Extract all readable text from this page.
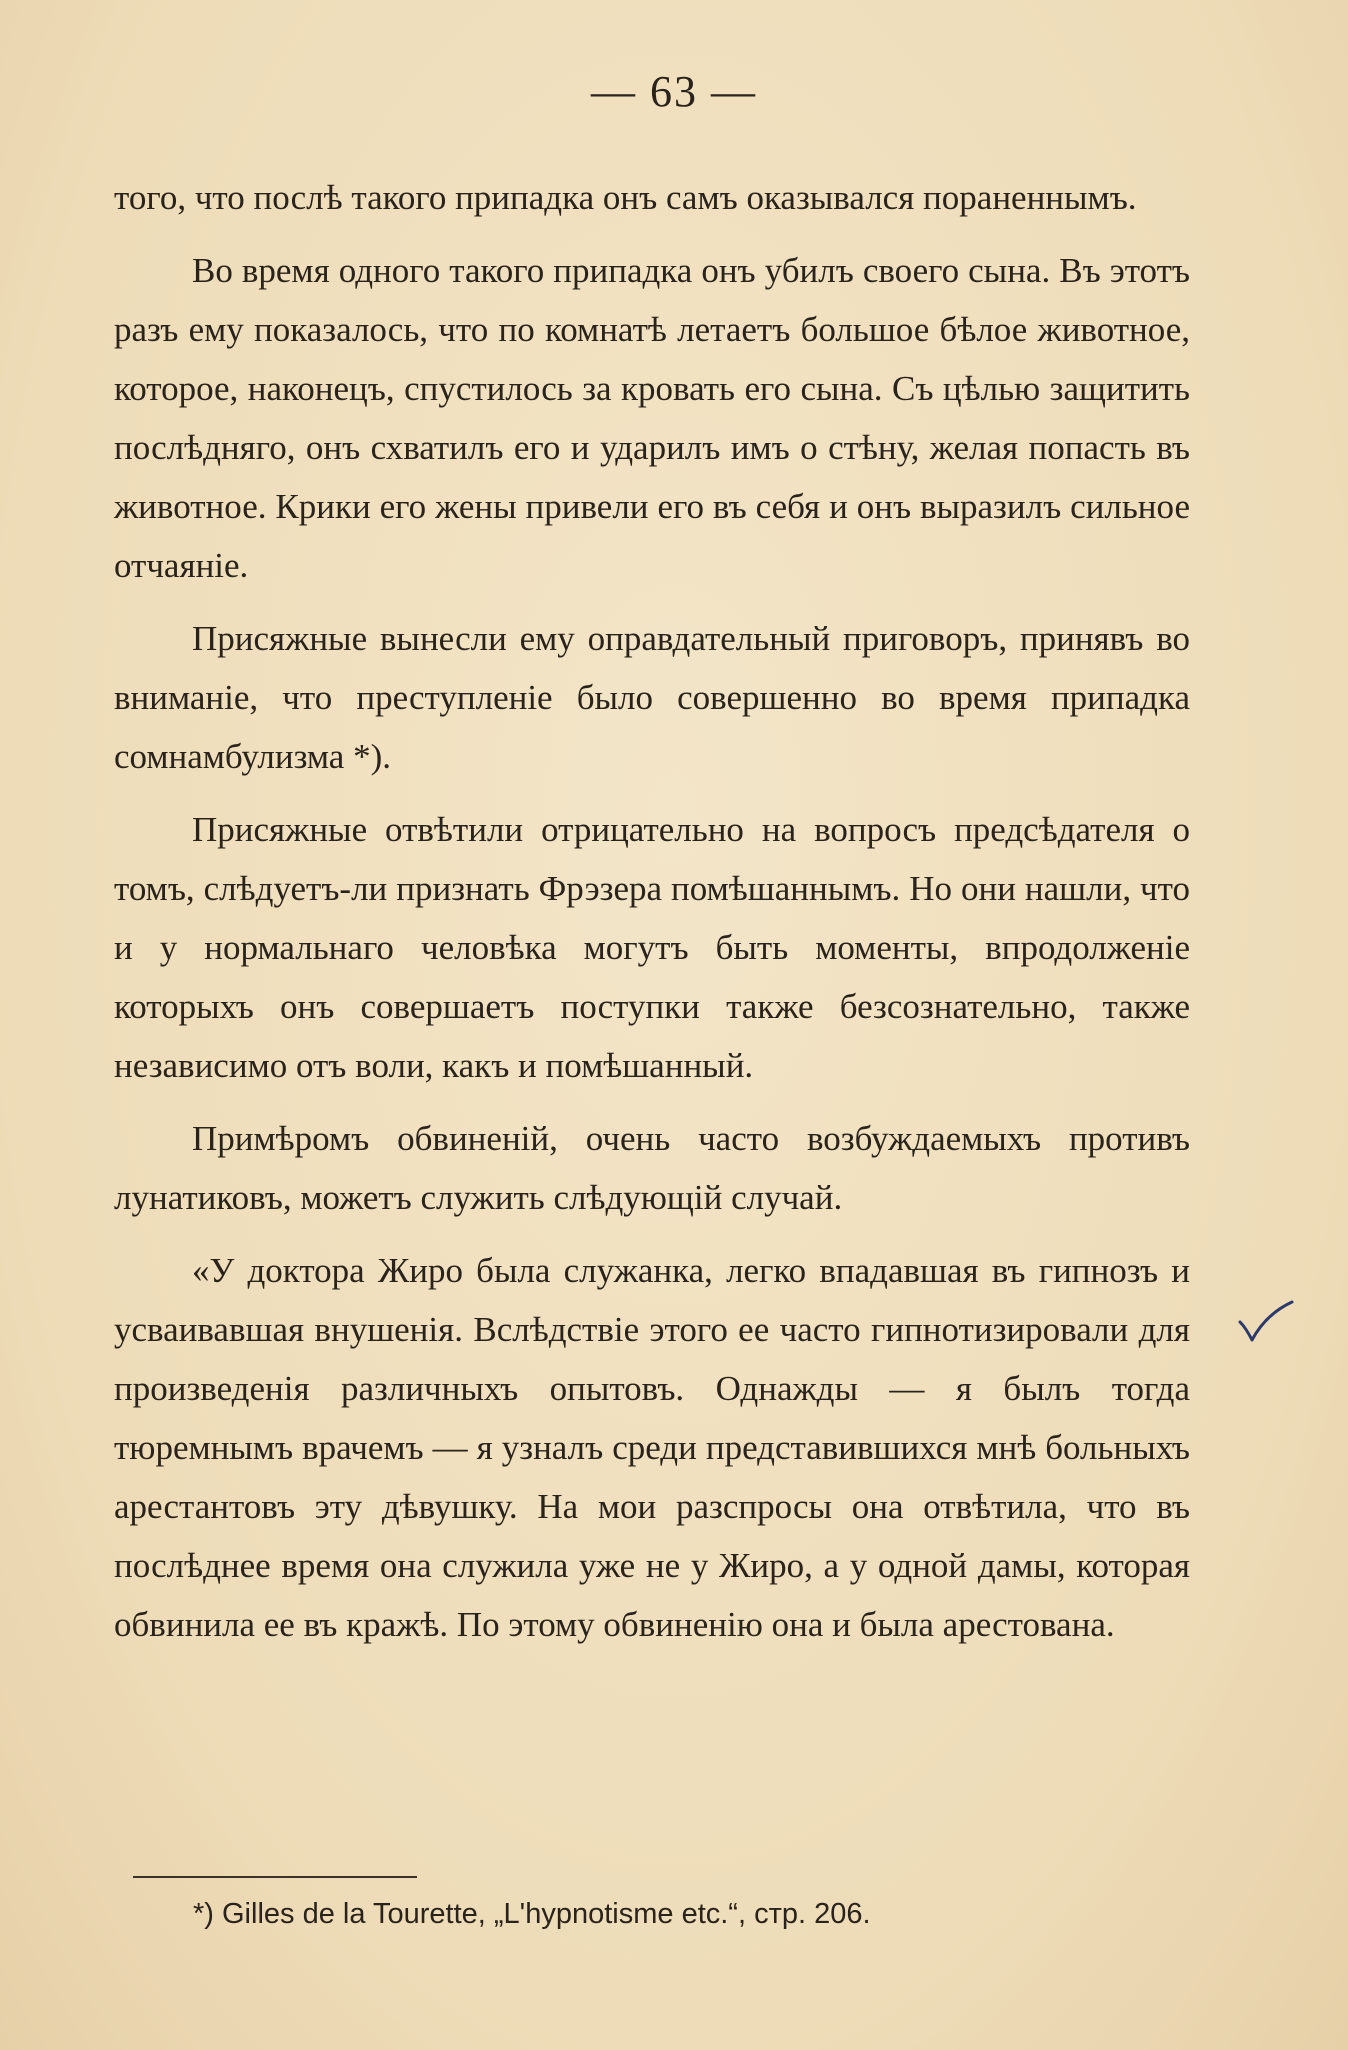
— 63 —

того, что послѣ такого припадка онъ самъ оказывался пораненнымъ.

Во время одного такого припадка онъ убилъ своего сына. Въ этотъ разъ ему показалось, что по комнатѣ летаетъ большое бѣлое животное, которое, наконецъ, спустилось за кровать его сына. Съ цѣлью защитить послѣдняго, онъ схватилъ его и ударилъ имъ о стѣну, желая попасть въ животное. Крики его жены привели его въ себя и онъ выразилъ сильное отчаяніе.

Присяжные вынесли ему оправдательный приговоръ, принявъ во вниманіе, что преступленіе было совершенно во время припадка сомнамбулизма *).

Присяжные отвѣтили отрицательно на вопросъ предсѣдателя о томъ, слѣдуетъ-ли признать Фрэзера помѣшаннымъ. Но они нашли, что и у нормальнаго человѣка могутъ быть моменты, впродолженіе которыхъ онъ совершаетъ поступки также безсознательно, также независимо отъ воли, какъ и помѣшанный.

Примѣромъ обвиненій, очень часто возбуждаемыхъ противъ лунатиковъ, можетъ служить слѣдующій случай.

«У доктора Жиро была служанка, легко впадавшая въ гипнозъ и усваивавшая внушенія. Вслѣдствіе этого ее часто гипнотизировали для произведенія различныхъ опытовъ. Однажды — я былъ тогда тюремнымъ врачемъ — я узналъ среди представившихся мнѣ больныхъ арестантовъ эту дѣвушку. На мои разспросы она отвѣтила, что въ послѣднее время она служила уже не у Жиро, а у одной дамы, которая обвинила ее въ кражѣ. По этому обвиненію она и была арестована.

*) Gilles de la Tourette, „L'hypnotisme etc.“, стр. 206.
